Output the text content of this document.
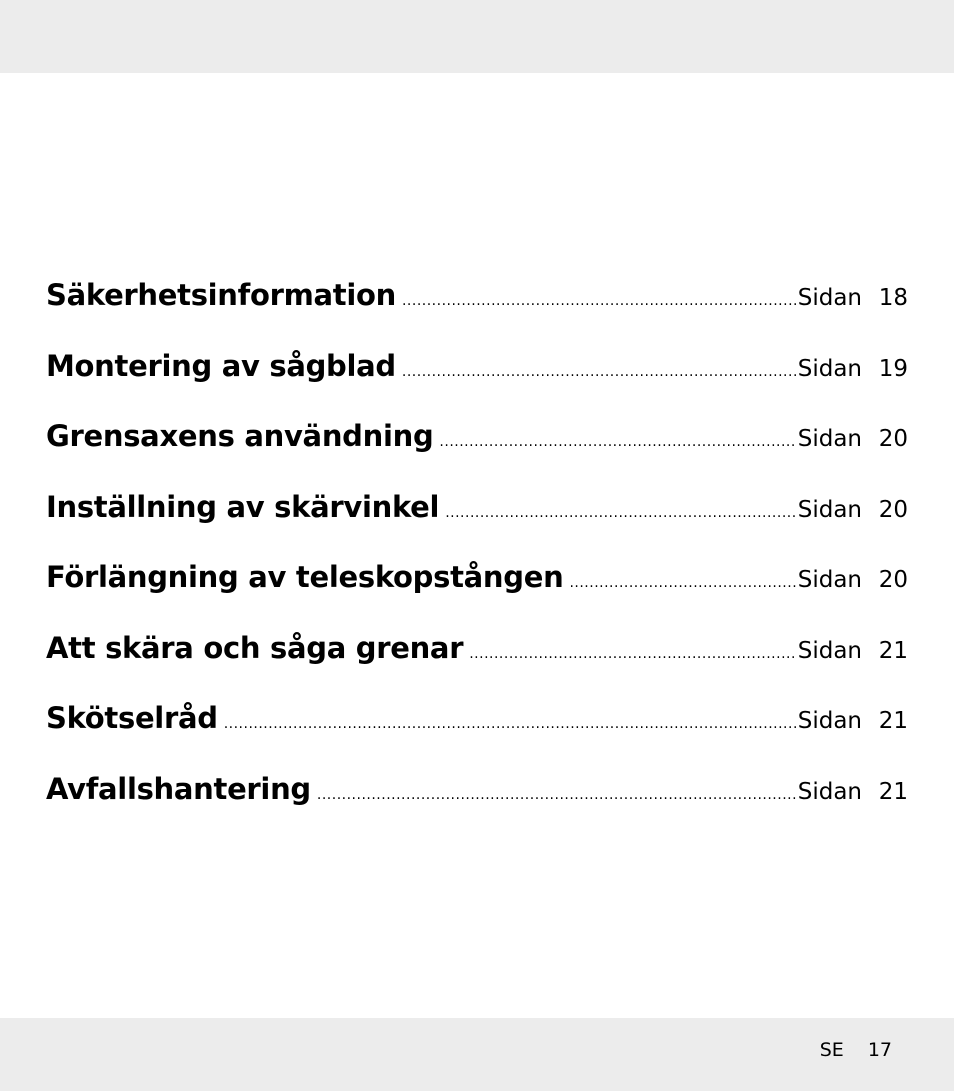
Säkerhetsinformation .....	Sidan 18
Montering av sågblad .....	Sidan 19
Grensaxens användning .....	Sidan 20
Inställning av skärvinkel .....	Sidan 20
Förlängning av teleskopstången .....	Sidan 20
Att skära och såga grenar .....	Sidan 21
Skötselråd .....	Sidan 21
Avfallshantering .....	Sidan 21
SE 17
